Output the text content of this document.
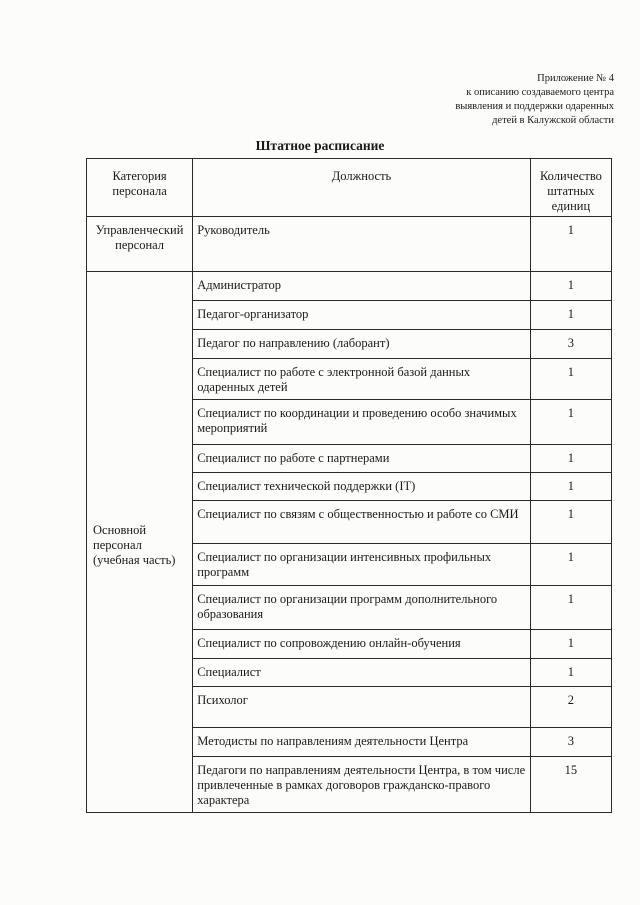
Приложение № 4
к описанию создаваемого центра
выявления и поддержки одаренных
детей в Калужской области
Штатное расписание
Категория персонала	Должность	Количество штатных единиц
Управленческий персонал	Руководитель	1
Основной персонал (учебная часть)	Администратор	1
	Педагог-организатор	1
	Педагог по направлению (лаборант)	3
	Специалист по работе с электронной базой данных одаренных детей	1
	Специалист по координации и проведению особо значимых мероприятий	1
	Специалист по работе с партнерами	1
	Специалист технической поддержки (IT)	1
	Специалист по связям с общественностью и работе со СМИ	1
	Специалист по организации интенсивных профильных программ	1
	Специалист по организации программ дополнительного образования	1
	Специалист по сопровождению онлайн-обучения	1
	Специалист	1
	Психолог	2
	Методисты по направлениям деятельности Центра	3
	Педагоги по направлениям деятельности Центра, в том числе привлеченные в рамках договоров гражданско-правого характера	15
